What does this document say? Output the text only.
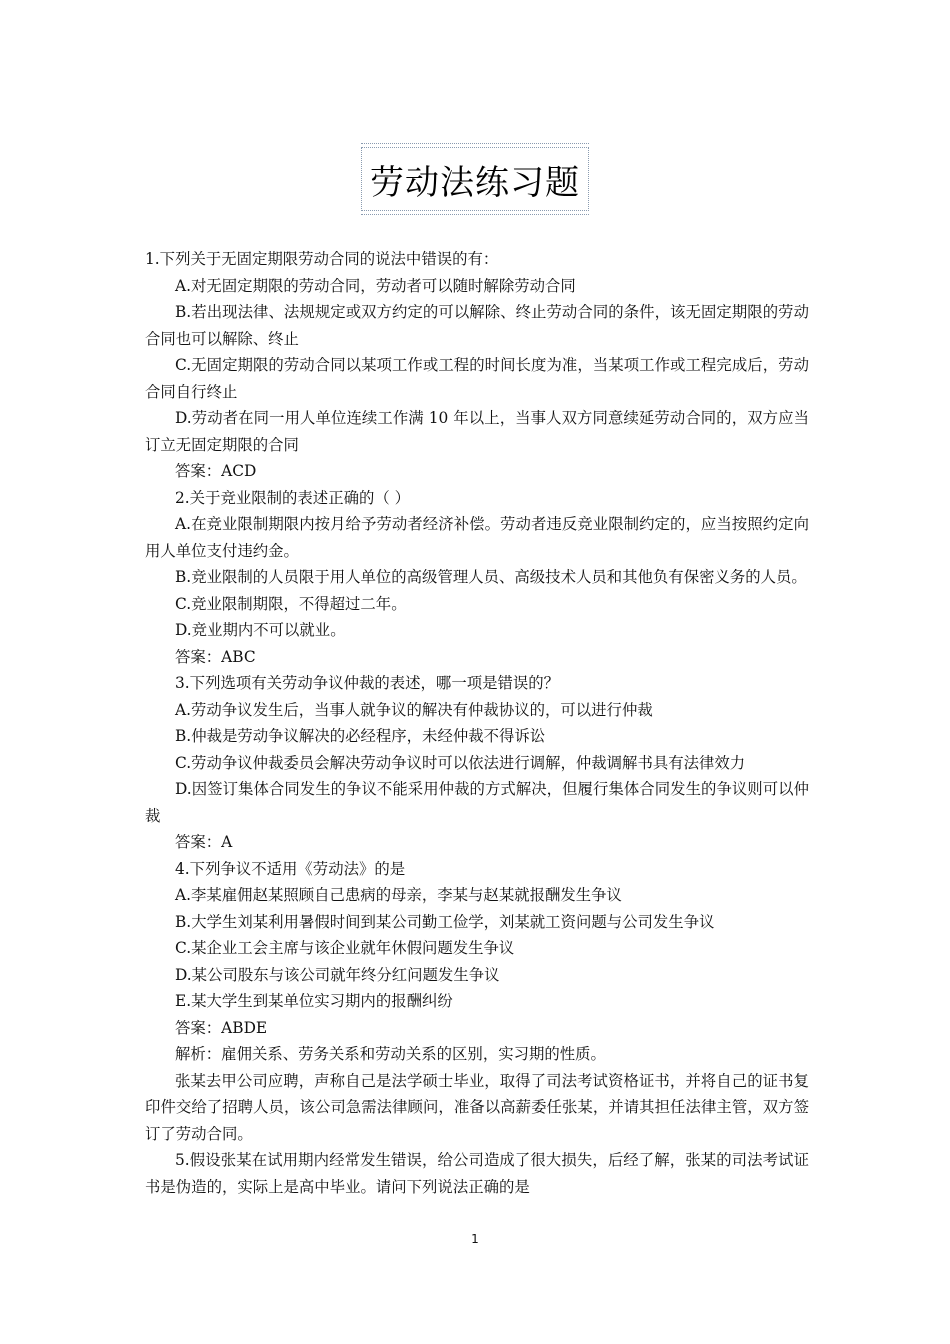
劳动法练习题

1.下列关于无固定期限劳动合同的说法中错误的有：

A.对无固定期限的劳动合同，劳动者可以随时解除劳动合同

B.若出现法律、法规规定或双方约定的可以解除、终止劳动合同的条件，该无固定期限的劳动合同也可以解除、终止

C.无固定期限的劳动合同以某项工作或工程的时间长度为准，当某项工作或工程完成后，劳动合同自行终止

D.劳动者在同一用人单位连续工作满 10 年以上，当事人双方同意续延劳动合同的，双方应当订立无固定期限的合同

答案：ACD

2.关于竞业限制的表述正确的（ ）

A.在竞业限制期限内按月给予劳动者经济补偿。劳动者违反竞业限制约定的，应当按照约定向用人单位支付违约金。

B.竞业限制的人员限于用人单位的高级管理人员、高级技术人员和其他负有保密义务的人员。

C.竞业限制期限，不得超过二年。

D.竞业期内不可以就业。

答案：ABC

3.下列选项有关劳动争议仲裁的表述，哪一项是错误的？

A.劳动争议发生后，当事人就争议的解决有仲裁协议的，可以进行仲裁

B.仲裁是劳动争议解决的必经程序，未经仲裁不得诉讼

C.劳动争议仲裁委员会解决劳动争议时可以依法进行调解，仲裁调解书具有法律效力

D.因签订集体合同发生的争议不能采用仲裁的方式解决，但履行集体合同发生的争议则可以仲裁

答案：A

4.下列争议不适用《劳动法》的是

A.李某雇佣赵某照顾自己患病的母亲，李某与赵某就报酬发生争议

B.大学生刘某利用暑假时间到某公司勤工俭学，刘某就工资问题与公司发生争议

C.某企业工会主席与该企业就年休假问题发生争议

D.某公司股东与该公司就年终分红问题发生争议

E.某大学生到某单位实习期内的报酬纠纷

答案：ABDE

解析：雇佣关系、劳务关系和劳动关系的区别，实习期的性质。

张某去甲公司应聘，声称自己是法学硕士毕业，取得了司法考试资格证书，并将自己的证书复印件交给了招聘人员，该公司急需法律顾问，准备以高薪委任张某，并请其担任法律主管，双方签订了劳动合同。

5.假设张某在试用期内经常发生错误，给公司造成了很大损失，后经了解，张某的司法考试证书是伪造的，实际上是高中毕业。请问下列说法正确的是

1
